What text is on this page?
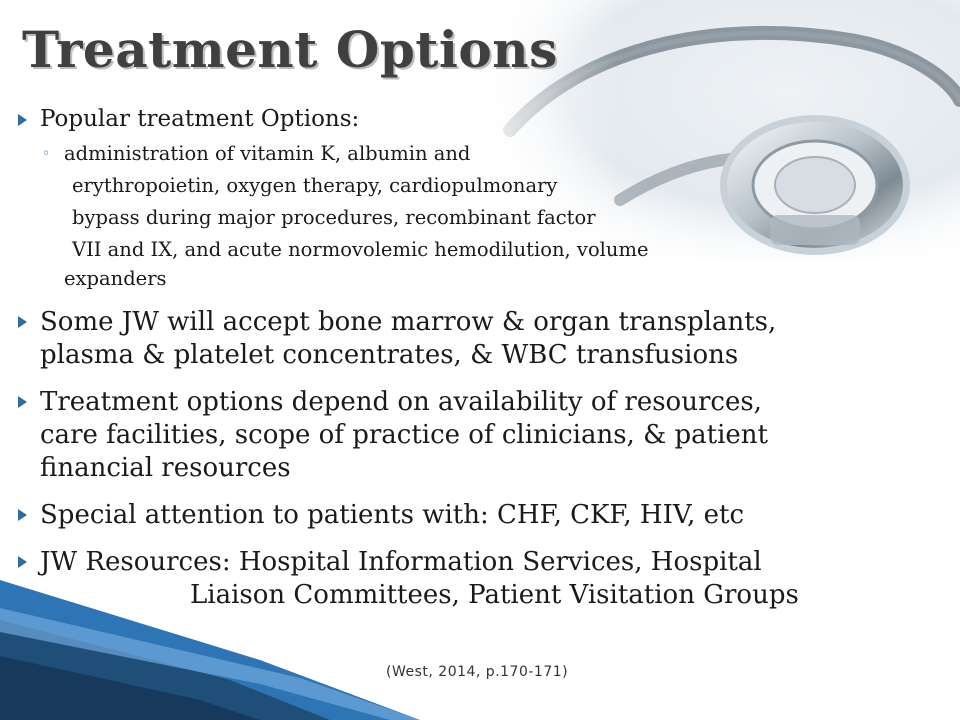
Treatment Options
Popular treatment Options:
◦ administration of vitamin K, albumin and
erythropoietin, oxygen therapy, cardiopulmonary
bypass during major procedures, recombinant factor
VII and IX, and acute normovolemic hemodilution, volume
expanders
Some JW will accept bone marrow & organ transplants,
plasma & platelet concentrates, & WBC transfusions
Treatment options depend on availability of resources,
care facilities, scope of practice of clinicians, & patient
financial resources
Special attention to patients with: CHF, CKF, HIV, etc
JW Resources: Hospital Information Services, Hospital
Liaison Committees, Patient Visitation Groups
(West, 2014, p.170-171)
